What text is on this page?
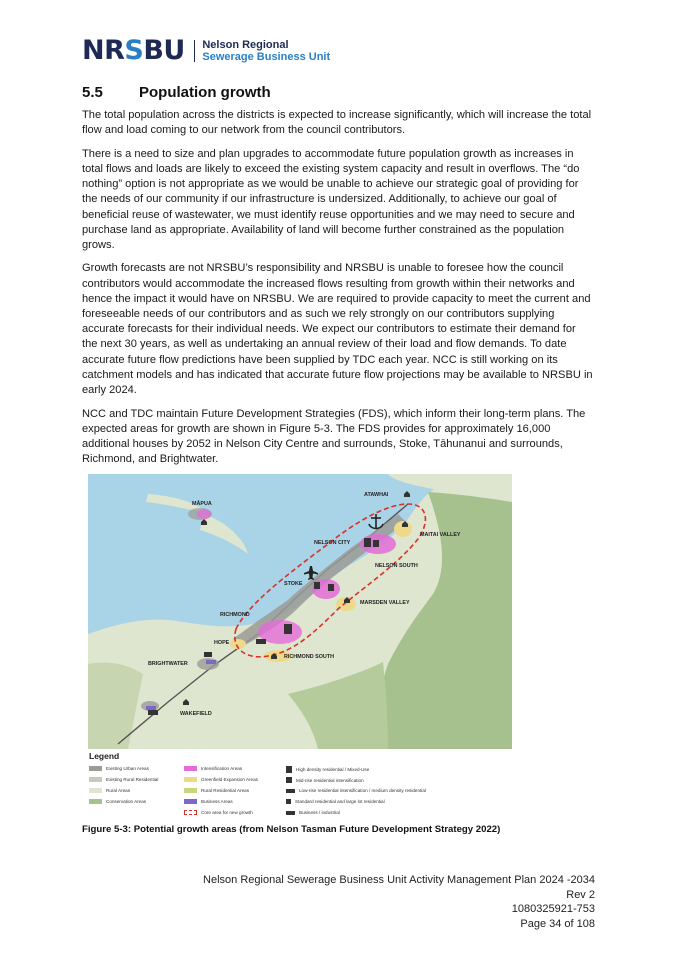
NRSBU Nelson Regional
Sewerage Business Unit
5.5 Population growth

The total population across the districts is expected to increase significantly, which will increase the total flow and load coming to our network from the council contributors.

There is a need to size and plan upgrades to accommodate future population growth as increases in total flows and loads are likely to exceed the existing system capacity and result in overflows. The “do nothing” option is not appropriate as we would be unable to achieve our strategic goal of providing for the needs of our community if our infrastructure is undersized. Additionally, to achieve our goal of beneficial reuse of wastewater, we must identify reuse opportunities and we may need to secure and purchase land as appropriate. Availability of land will become further constrained as the population grows.

Growth forecasts are not NRSBU’s responsibility and NRSBU is unable to foresee how the council contributors would accommodate the increased flows resulting from growth within their networks and hence the impact it would have on NRSBU. We are required to provide capacity to meet the current and foreseeable needs of our contributors and as such we rely strongly on our contributors supplying accurate forecasts for their individual needs. We expect our contributors to estimate their demand for the next 30 years, as well as undertaking an annual review of their load and flow demands. To date accurate future flow predictions have been supplied by TDC each year. NCC is still working on its catchment models and has indicated that accurate future flow projections may be available to NRSBU in early 2024.

NCC and TDC maintain Future Development Strategies (FDS), which inform their long-term plans. The expected areas for growth are shown in Figure 5-3. The FDS provides for approximately 16,000 additional houses by 2052 in Nelson City Centre and surrounds, Stoke, Tāhunanui and surrounds, Richmond, and Brightwater.

MĀPUA
ATAWHAI
NELSON CITY
MAITAI VALLEY
NELSON SOUTH
STOKE
MARSDEN VALLEY
RICHMOND
HOPE
RICHMOND SOUTH
BRIGHTWATER
WAKEFIELD
Legend
Existing Urban Areas
Existing Rural Residential
Rural Areas
Conservation Areas
Intensification Areas
Greenfield Expansion Areas
Rural Residential Areas
Business Areas
Core area for new growth
High density residential / Mixed-Use
Mid-rise residential intensification
Low-rise residential intensification / medium density residential
Standard residential and large lot residential
Business / industrial
Figure 5-3: Potential growth areas (from Nelson Tasman Future Development Strategy 2022)
Nelson Regional Sewerage Business Unit Activity Management Plan 2024 -2034
Rev 2
1080325921-753
Page 34 of 108
